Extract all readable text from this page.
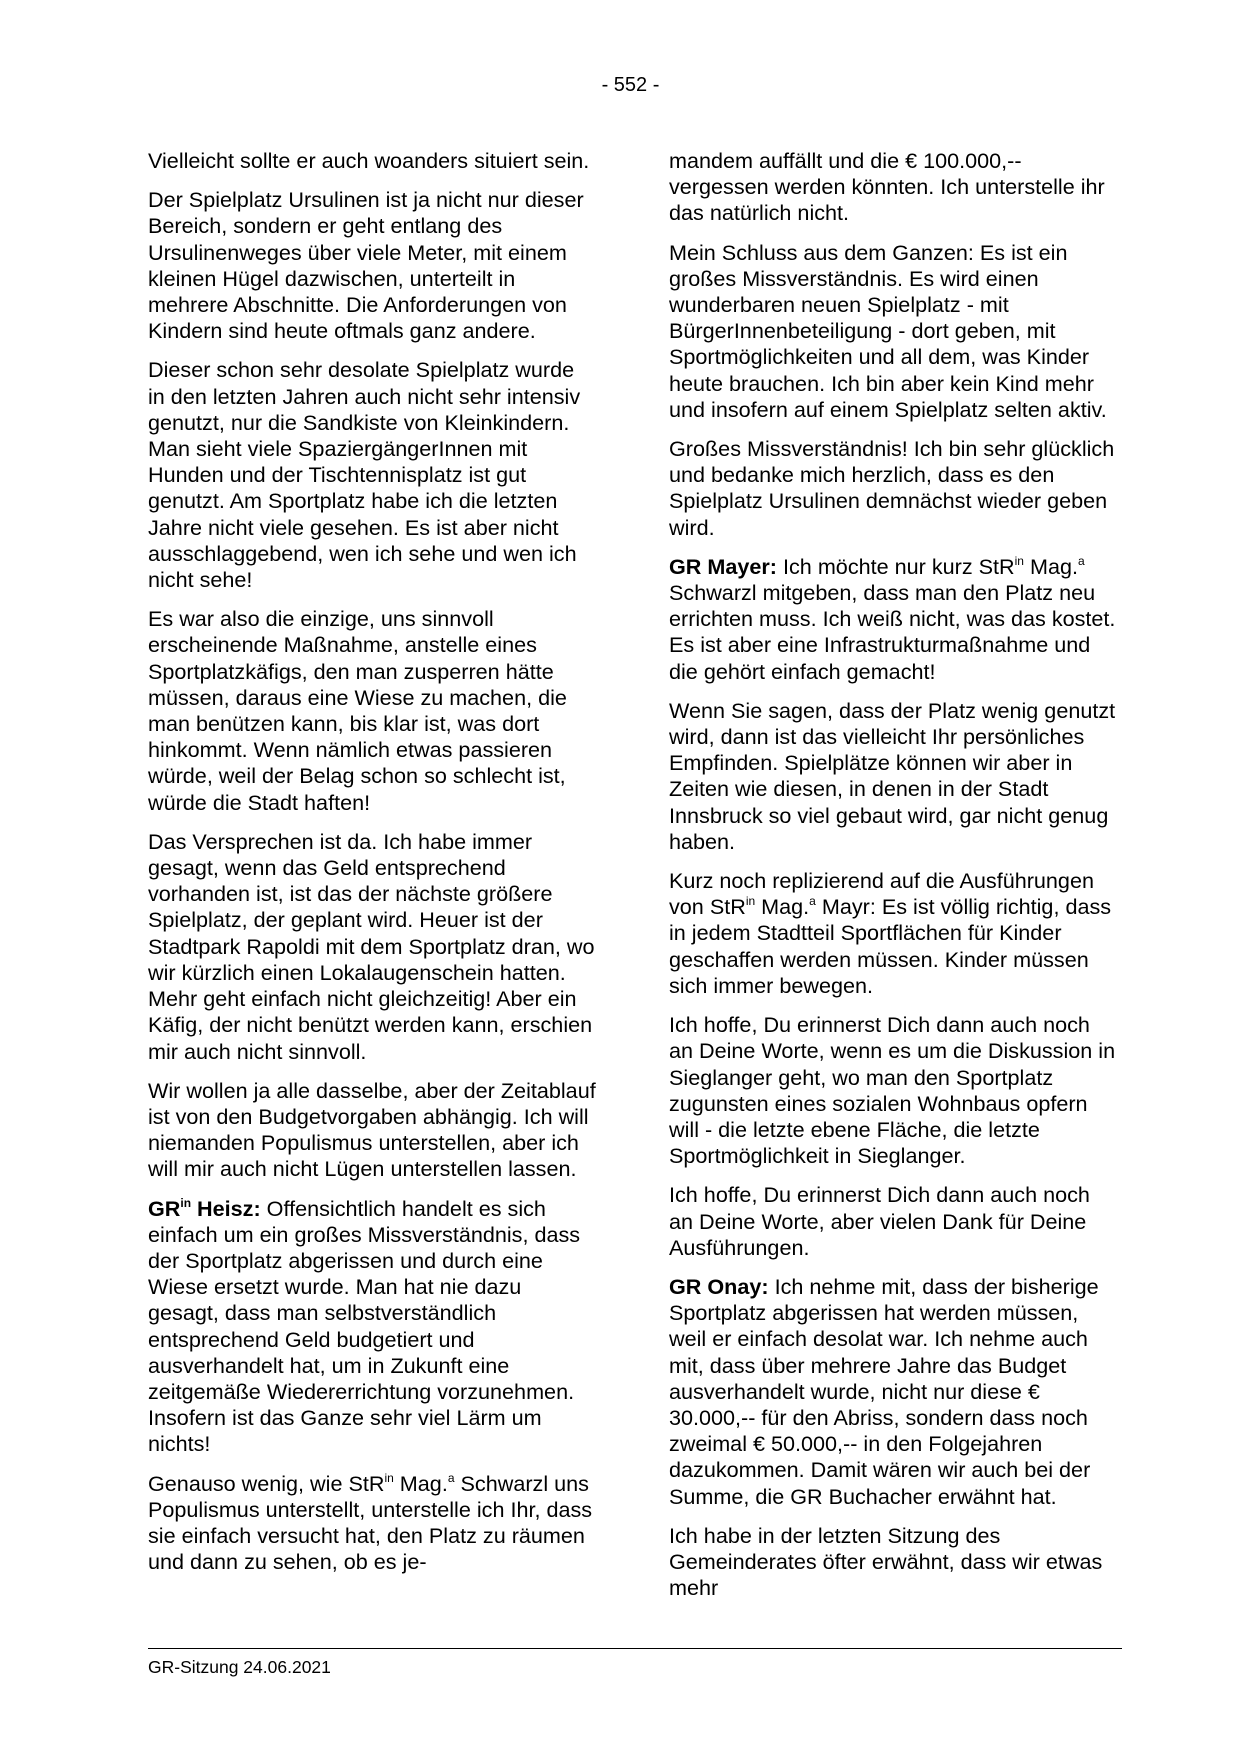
- 552 -

Vielleicht sollte er auch woanders situiert sein.

Der Spielplatz Ursulinen ist ja nicht nur dieser Bereich, sondern er geht entlang des Ursulinenweges über viele Meter, mit einem kleinen Hügel dazwischen, unterteilt in mehrere Abschnitte. Die Anforderungen von Kindern sind heute oftmals ganz andere.

Dieser schon sehr desolate Spielplatz wurde in den letzten Jahren auch nicht sehr intensiv genutzt, nur die Sandkiste von Kleinkindern. Man sieht viele SpaziergängerInnen mit Hunden und der Tischtennisplatz ist gut genutzt. Am Sportplatz habe ich die letzten Jahre nicht viele gesehen. Es ist aber nicht ausschlaggebend, wen ich sehe und wen ich nicht sehe!

Es war also die einzige, uns sinnvoll erscheinende Maßnahme, anstelle eines Sportplatzkäfigs, den man zusperren hätte müssen, daraus eine Wiese zu machen, die man benützen kann, bis klar ist, was dort hinkommt. Wenn nämlich etwas passieren würde, weil der Belag schon so schlecht ist, würde die Stadt haften!

Das Versprechen ist da. Ich habe immer gesagt, wenn das Geld entsprechend vorhanden ist, ist das der nächste größere Spielplatz, der geplant wird. Heuer ist der Stadtpark Rapoldi mit dem Sportplatz dran, wo wir kürzlich einen Lokalaugenschein hatten. Mehr geht einfach nicht gleichzeitig! Aber ein Käfig, der nicht benützt werden kann, erschien mir auch nicht sinnvoll.

Wir wollen ja alle dasselbe, aber der Zeitablauf ist von den Budgetvorgaben abhängig. Ich will niemanden Populismus unterstellen, aber ich will mir auch nicht Lügen unterstellen lassen.

$GR^{in}$ Heisz: Offensichtlich handelt es sich einfach um ein großes Missverständnis, dass der Sportplatz abgerissen und durch eine Wiese ersetzt wurde. Man hat nie dazu gesagt, dass man selbstverständlich entsprechend Geld budgetiert und ausverhandelt hat, um in Zukunft eine zeitgemäße Wiedererrichtung vorzunehmen. Insofern ist das Ganze sehr viel Lärm um nichts!

Genauso wenig, wie StR$^{in}$ Mag.$^a$ Schwarzl uns Populismus unterstellt, unterstelle ich Ihr, dass sie einfach versucht hat, den Platz zu räumen und dann zu sehen, ob es je-

mandem auffällt und die € 100.000,-- vergessen werden könnten. Ich unterstelle ihr das natürlich nicht.

Mein Schluss aus dem Ganzen: Es ist ein großes Missverständnis. Es wird einen wunderbaren neuen Spielplatz - mit BürgerInnenbeteiligung - dort geben, mit Sportmöglichkeiten und all dem, was Kinder heute brauchen. Ich bin aber kein Kind mehr und insofern auf einem Spielplatz selten aktiv.

Großes Missverständnis! Ich bin sehr glücklich und bedanke mich herzlich, dass es den Spielplatz Ursulinen demnächst wieder geben wird.

GR Mayer: Ich möchte nur kurz StR$^{in}$ Mag.$^a$ Schwarzl mitgeben, dass man den Platz neu errichten muss. Ich weiß nicht, was das kostet. Es ist aber eine Infrastrukturmaßnahme und die gehört einfach gemacht!

Wenn Sie sagen, dass der Platz wenig genutzt wird, dann ist das vielleicht Ihr persönliches Empfinden. Spielplätze können wir aber in Zeiten wie diesen, in denen in der Stadt Innsbruck so viel gebaut wird, gar nicht genug haben.

Kurz noch replizierend auf die Ausführungen von StR$^{in}$ Mag.$^a$ Mayr: Es ist völlig richtig, dass in jedem Stadtteil Sportflächen für Kinder geschaffen werden müssen. Kinder müssen sich immer bewegen.

Ich hoffe, Du erinnerst Dich dann auch noch an Deine Worte, wenn es um die Diskussion in Sieglanger geht, wo man den Sportplatz zugunsten eines sozialen Wohnbaus opfern will - die letzte ebene Fläche, die letzte Sportmöglichkeit in Sieglanger.

Ich hoffe, Du erinnerst Dich dann auch noch an Deine Worte, aber vielen Dank für Deine Ausführungen.

GR Onay: Ich nehme mit, dass der bisherige Sportplatz abgerissen hat werden müssen, weil er einfach desolat war. Ich nehme auch mit, dass über mehrere Jahre das Budget ausverhandelt wurde, nicht nur diese € 30.000,-- für den Abriss, sondern dass noch zweimal € 50.000,-- in den Folgejahren dazukommen. Damit wären wir auch bei der Summe, die GR Buchacher erwähnt hat.

Ich habe in der letzten Sitzung des Gemeinderates öfter erwähnt, dass wir etwas mehr

GR-Sitzung 24.06.2021
